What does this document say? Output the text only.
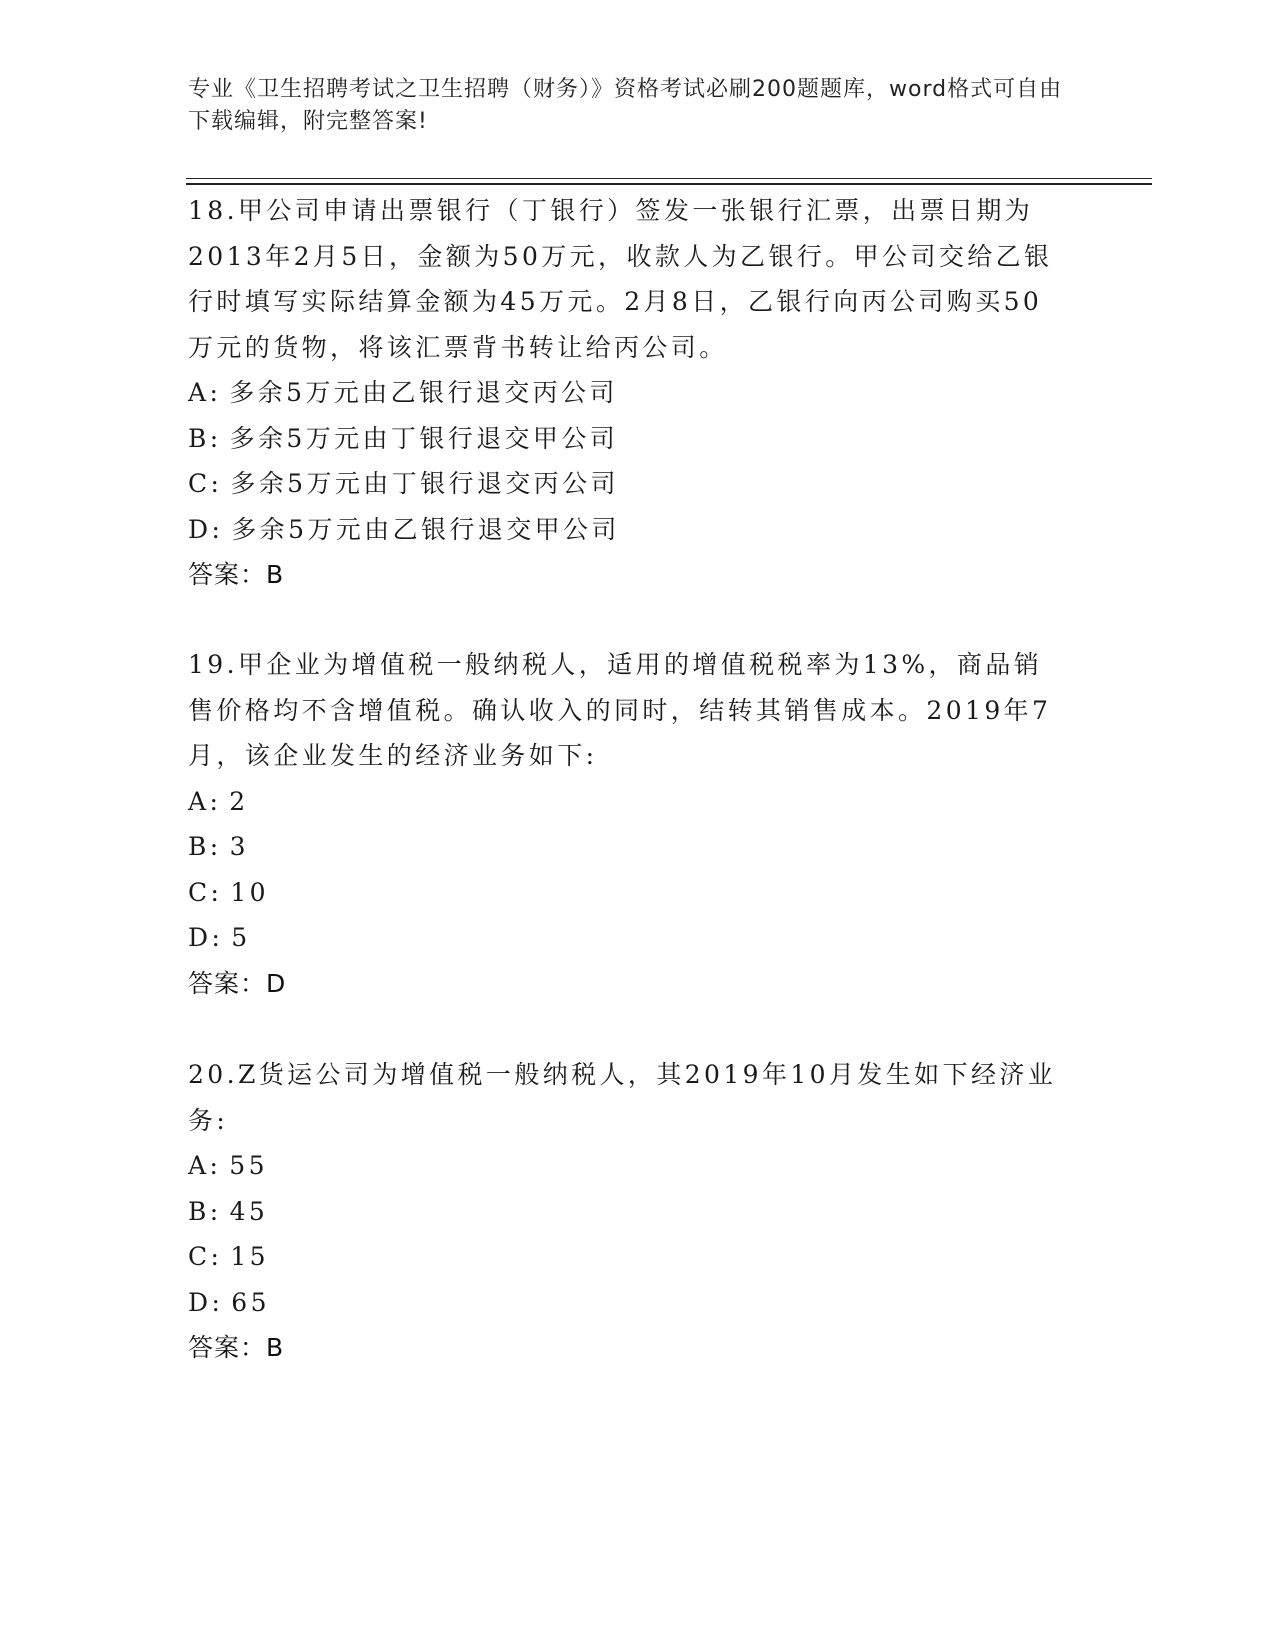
专业《卫生招聘考试之卫生招聘（财务）》资格考试必刷200题题库，word格式可自由下载编辑，附完整答案!

18.甲公司申请出票银行（丁银行）签发一张银行汇票，出票日期为2013年2月5日，金额为50万元，收款人为乙银行。甲公司交给乙银行时填写实际结算金额为45万元。2月8日，乙银行向丙公司购买50万元的货物，将该汇票背书转让给丙公司。

A: 多余5万元由乙银行退交丙公司

B: 多余5万元由丁银行退交甲公司

C: 多余5万元由丁银行退交丙公司

D: 多余5万元由乙银行退交甲公司

答案：B

19.甲企业为增值税一般纳税人，适用的增值税税率为13%，商品销售价格均不含增值税。确认收入的同时，结转其销售成本。2019年7月，该企业发生的经济业务如下:

A: 2

B: 3

C: 10

D: 5

答案：D

20.Z货运公司为增值税一般纳税人，其2019年10月发生如下经济业务:

A: 55

B: 45

C: 15

D: 65

答案：B
